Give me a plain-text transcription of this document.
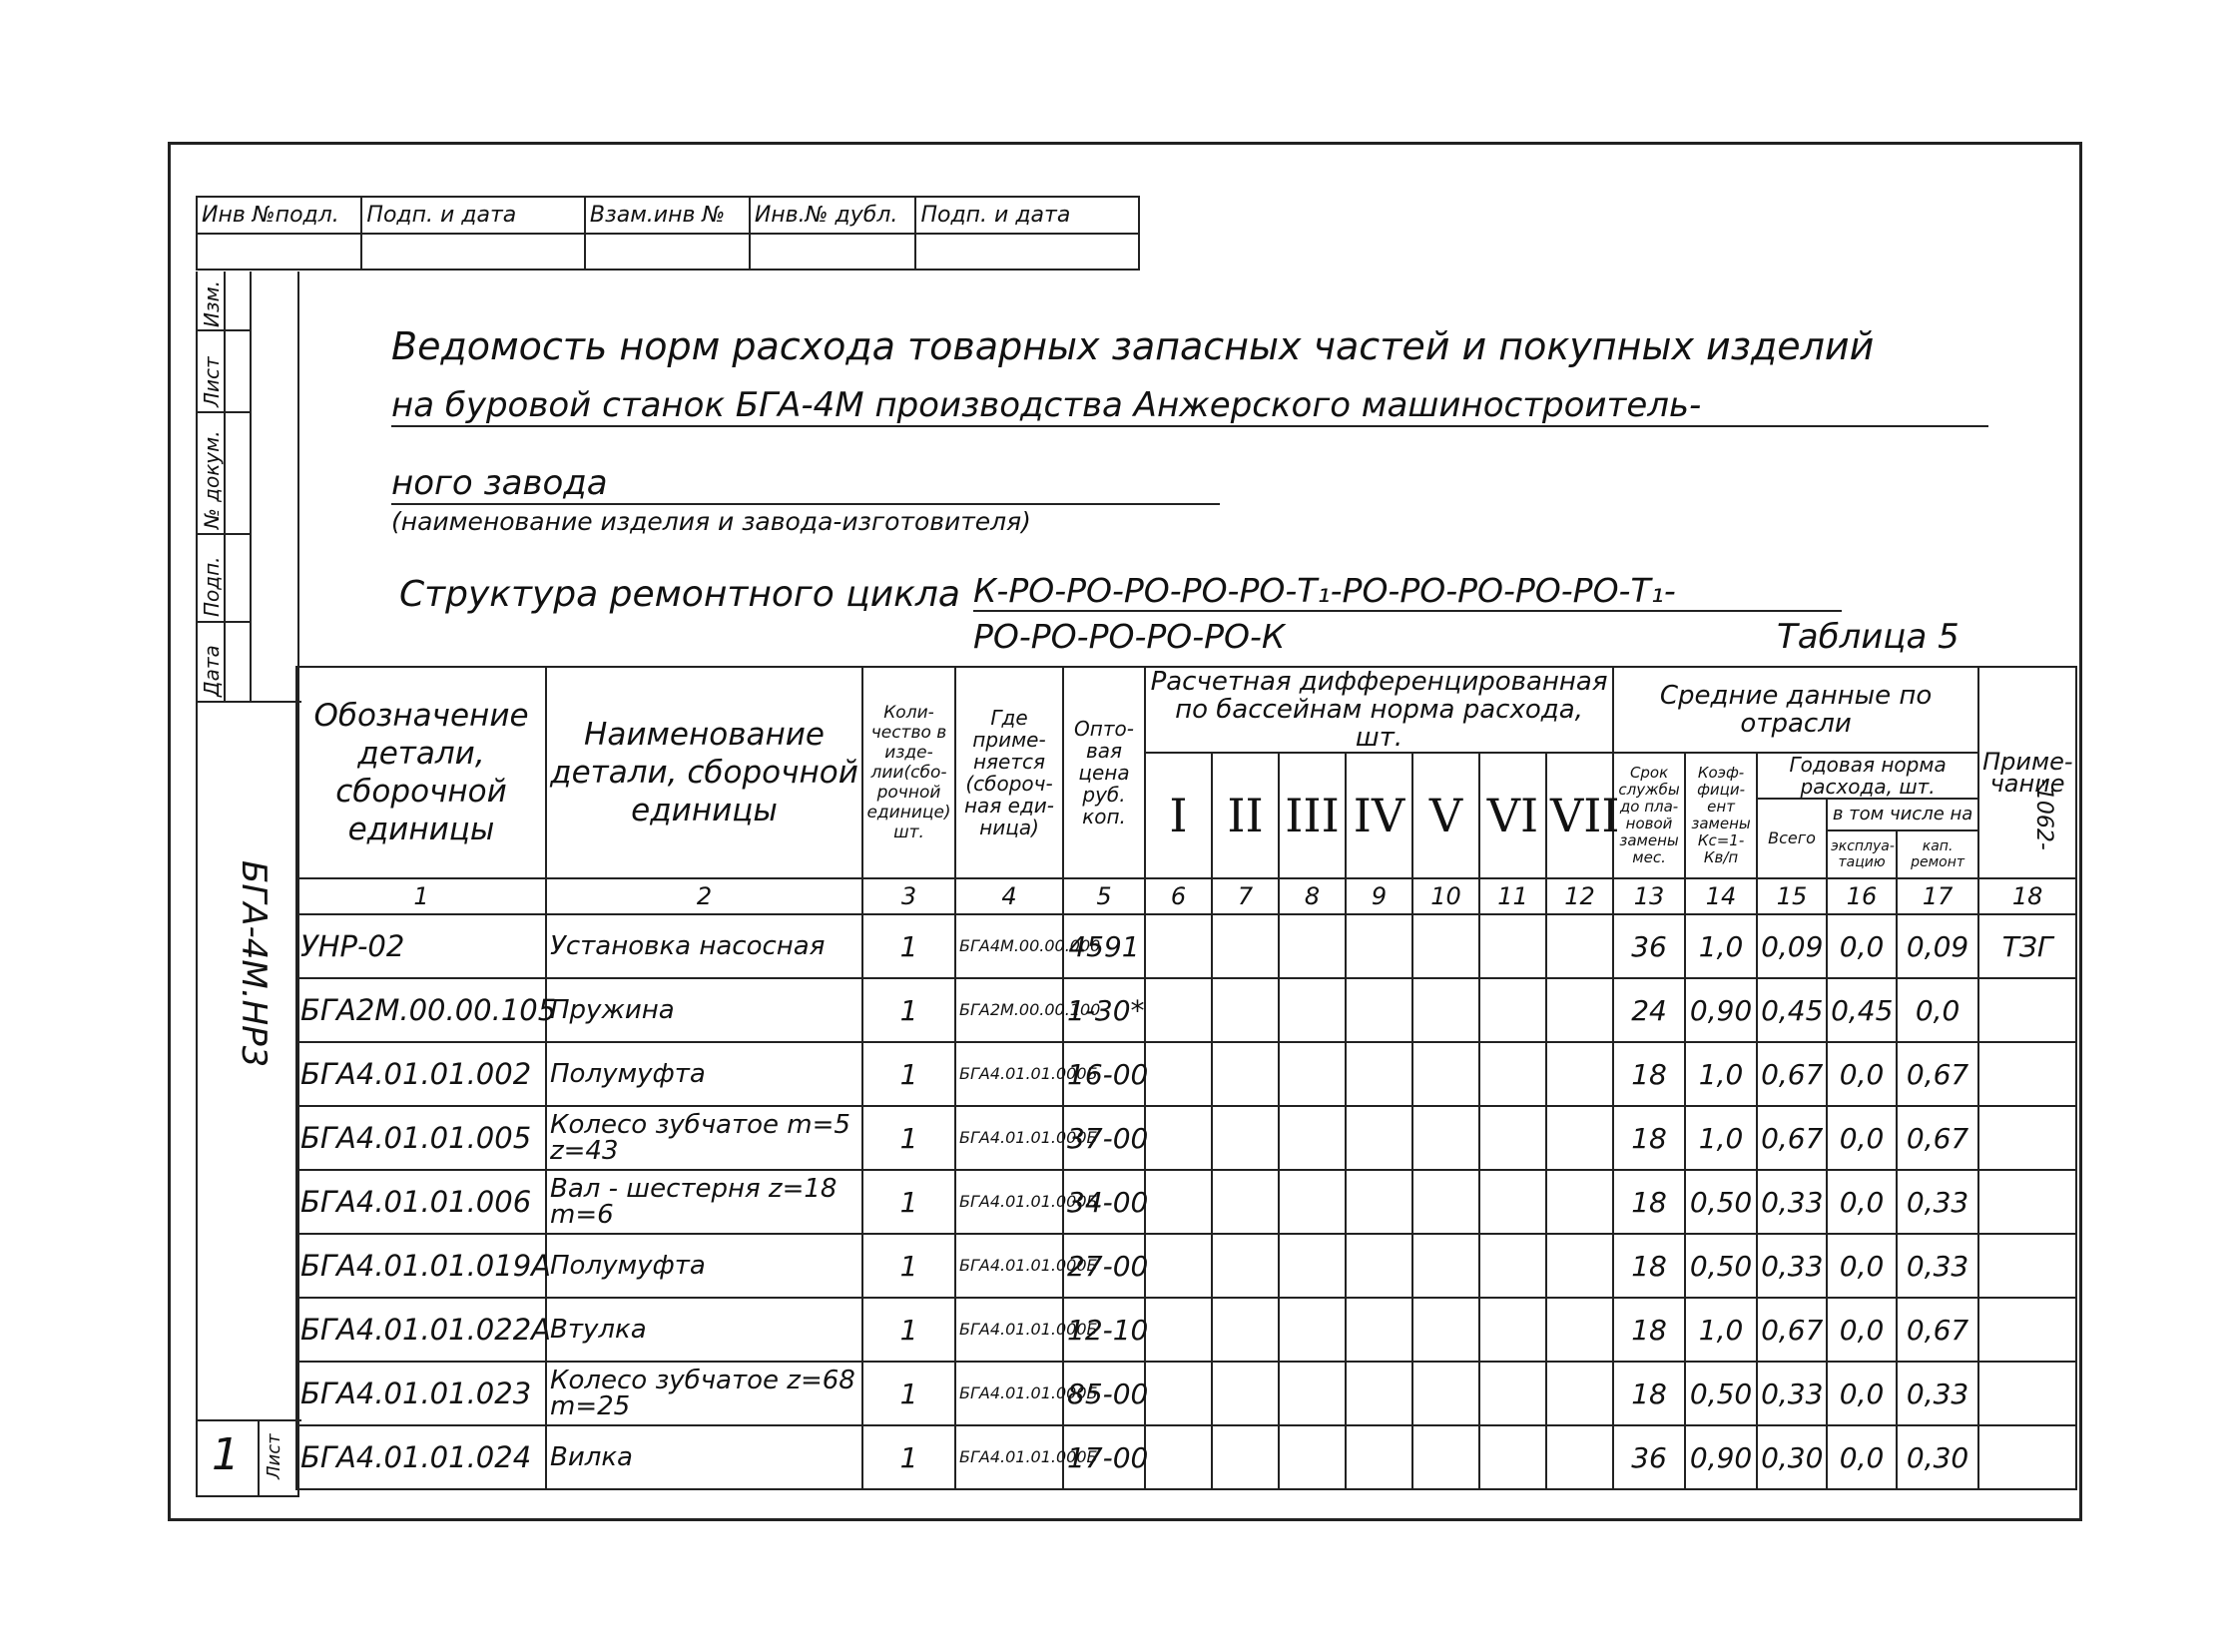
Инв №подл.	Подп. и дата	Взам.инв №	Инв.№ дубл.	Подп. и дата

Изм.
Лист
№ докум.
Подп.
Дата
БГА-4М.НР3
Лист
1
-1062-
Ведомость норм расхода товарных запасных частей и покупных изделий
на буровой станок БГА-4М производства Анжерского машиностроитель-
ного завода
(наименование изделия и завода-изготовителя)
Структура ремонтного цикла К-РО-РО-РО-РО-РО-Т₁-РО-РО-РО-РО-РО-Т₁-
РО-РО-РО-РО-РО-К	Таблица 5
Обозначение детали, сборочной единицы	Наименование детали, сборочной единицы	Коли-чество в изде-лии(сбо-рочной единице) шт.	Где приме-няется (сбороч-ная еди-ница)	Опто-вая цена руб. коп.	Расчетная дифференцированная по бассейнам норма расхода, шт.							Средние данные по отрасли					Приме-чание
					I	II	III	IV	V	VI	VII	Срок службы до пла-новой замены мес.	Коэф-фици-ент замены Кс=1-Кв/п	Годовая норма расхода, шт.			
														Всего	в том числе на		
															эксплуа-тацию	кап. ремонт	
1	2	3	4	5	6	7	8	9	10	11	12	13	14	15	16	17	18
УНР-02	Установка насосная	1	БГА4М.00.00.000	4591								36	1,0	0,09	0,0	0,09	ТЗГ
БГА2М.00.00.105	Пружина	1	БГА2М.00.00.100	1-30*								24	0,90	0,45	0,45	0,0	
БГА4.01.01.002	Полумуфта	1	БГА4.01.01.000Б	16-00								18	1,0	0,67	0,0	0,67	
БГА4.01.01.005	Колесо зубчатое m=5 z=43	1	БГА4.01.01.000Б	37-00								18	1,0	0,67	0,0	0,67	
БГА4.01.01.006	Вал - шестерня z=18 m=6	1	БГА4.01.01.000Б	34-00								18	0,50	0,33	0,0	0,33	
БГА4.01.01.019А	Полумуфта	1	БГА4.01.01.000Б	27-00								18	0,50	0,33	0,0	0,33	
БГА4.01.01.022А	Втулка	1	БГА4.01.01.000Б	12-10								18	1,0	0,67	0,0	0,67	
БГА4.01.01.023	Колесо зубчатое z=68 m=25	1	БГА4.01.01.000Б	85-00								18	0,50	0,33	0,0	0,33	
БГА4.01.01.024	Вилка	1	БГА4.01.01.000Б	17-00								36	0,90	0,30	0,0	0,30	
